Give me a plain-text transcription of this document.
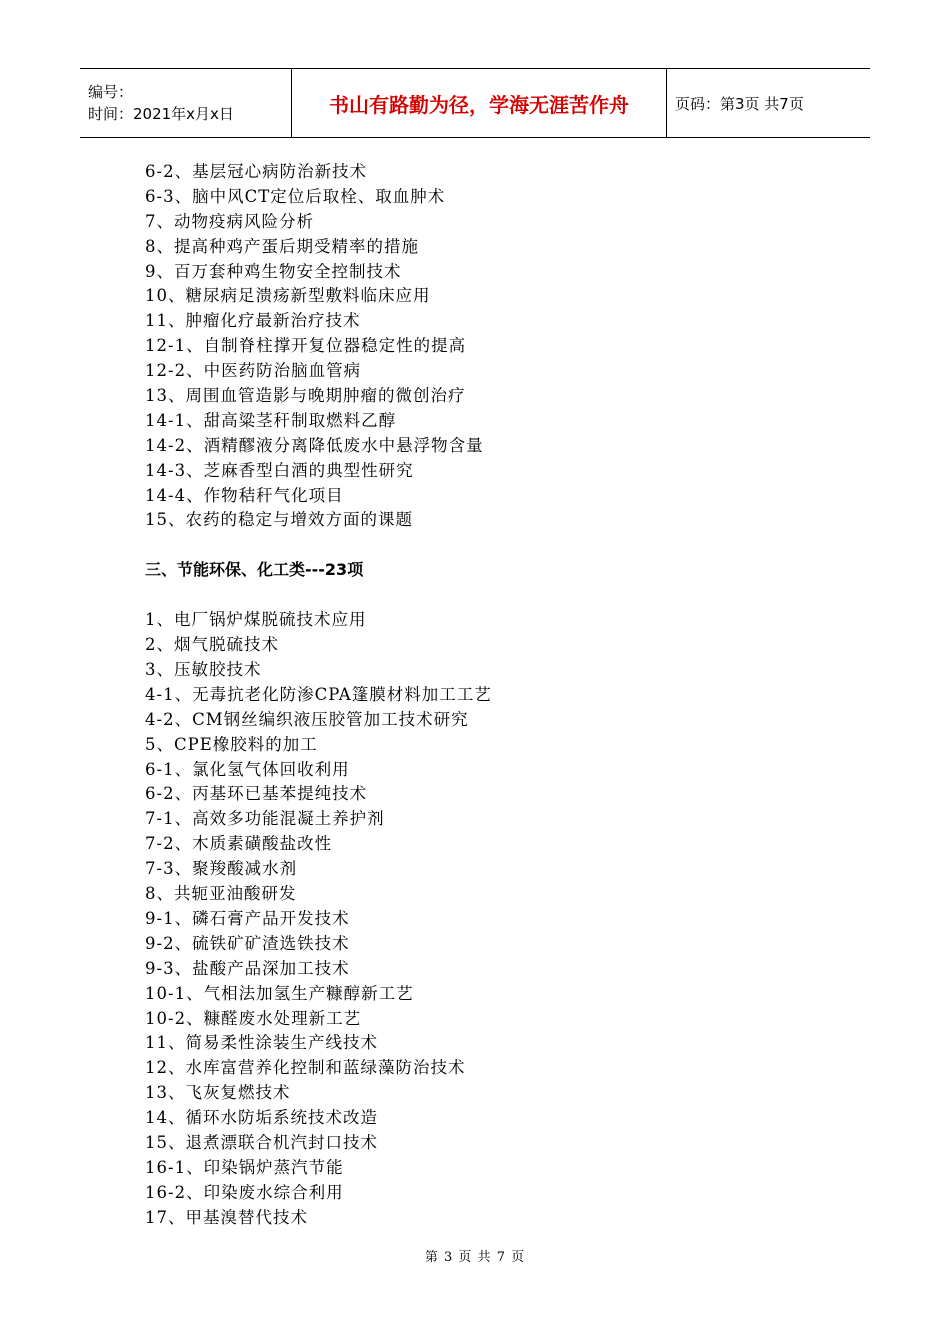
编号：
时间：2021年x月x日	书山有路勤为径，学海无涯苦作舟	页码：第3页 共7页
6-2、基层冠心病防治新技术
6-3、脑中风CT定位后取栓、取血肿术
7、动物疫病风险分析
8、提高种鸡产蛋后期受精率的措施
9、百万套种鸡生物安全控制技术
10、糖尿病足溃疡新型敷料临床应用
11、肿瘤化疗最新治疗技术
12-1、自制脊柱撑开复位器稳定性的提高
12-2、中医药防治脑血管病
13、周围血管造影与晚期肿瘤的微创治疗
14-1、甜高粱茎秆制取燃料乙醇
14-2、酒精醪液分离降低废水中悬浮物含量
14-3、芝麻香型白酒的典型性研究
14-4、作物秸秆气化项目
15、农药的稳定与增效方面的课题
三、节能环保、化工类---23项
1、电厂锅炉煤脱硫技术应用
2、烟气脱硫技术
3、压敏胶技术
4-1、无毒抗老化防渗CPA篷膜材料加工工艺
4-2、CM钢丝编织液压胶管加工技术研究
5、CPE橡胶料的加工
6-1、氯化氢气体回收利用
6-2、丙基环已基苯提纯技术
7-1、高效多功能混凝土养护剂
7-2、木质素磺酸盐改性
7-3、聚羧酸减水剂
8、共轭亚油酸研发
9-1、磷石膏产品开发技术
9-2、硫铁矿矿渣选铁技术
9-3、盐酸产品深加工技术
10-1、气相法加氢生产糠醇新工艺
10-2、糠醛废水处理新工艺
11、简易柔性涂装生产线技术
12、水库富营养化控制和蓝绿藻防治技术
13、飞灰复燃技术
14、循环水防垢系统技术改造
15、退煮漂联合机汽封口技术
16-1、印染锅炉蒸汽节能
16-2、印染废水综合利用
17、甲基溴替代技术
第 3 页 共 7 页
